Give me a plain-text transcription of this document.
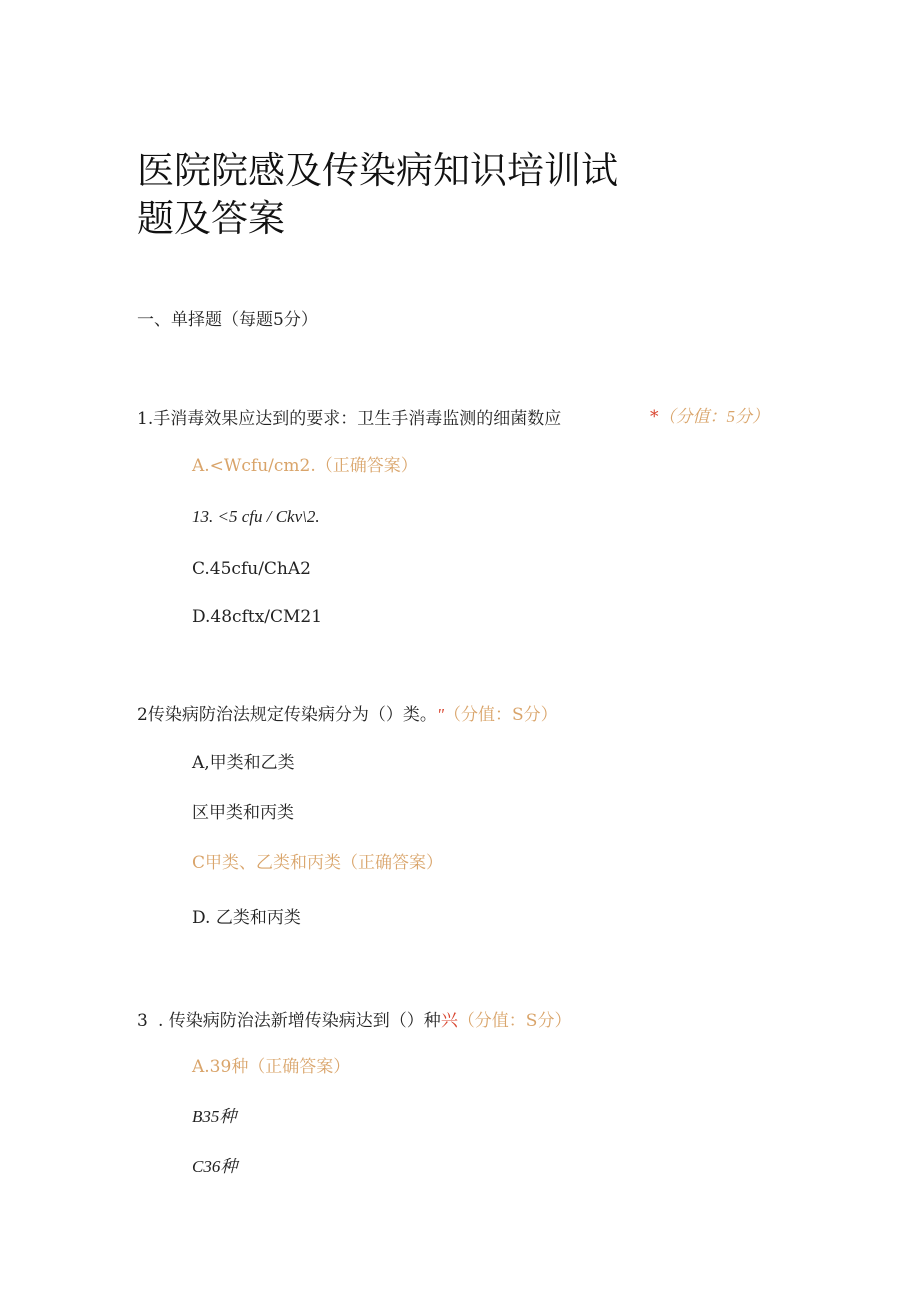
医院院感及传染病知识培训试
题及答案
一、单择题（每题5分）
1.手消毒效果应达到的要求：卫生手消毒监测的细菌数应	*（分值：5分）
A.<Wcfu/cm2.（正确答案）
13. <5 cfu / Ckv\2.
C.45cfu/ChA2
D.48cftx/CM21
2传染病防治法规定传染病分为（）类。"（分值：S分）
A,甲类和乙类
区甲类和丙类
C甲类、乙类和丙类（正确答案）
D. 乙类和丙类
3 . 传染病防治法新增传染病达到（）种兴（分值：S分）
A.39种（正确答案）
B35种
C36种
